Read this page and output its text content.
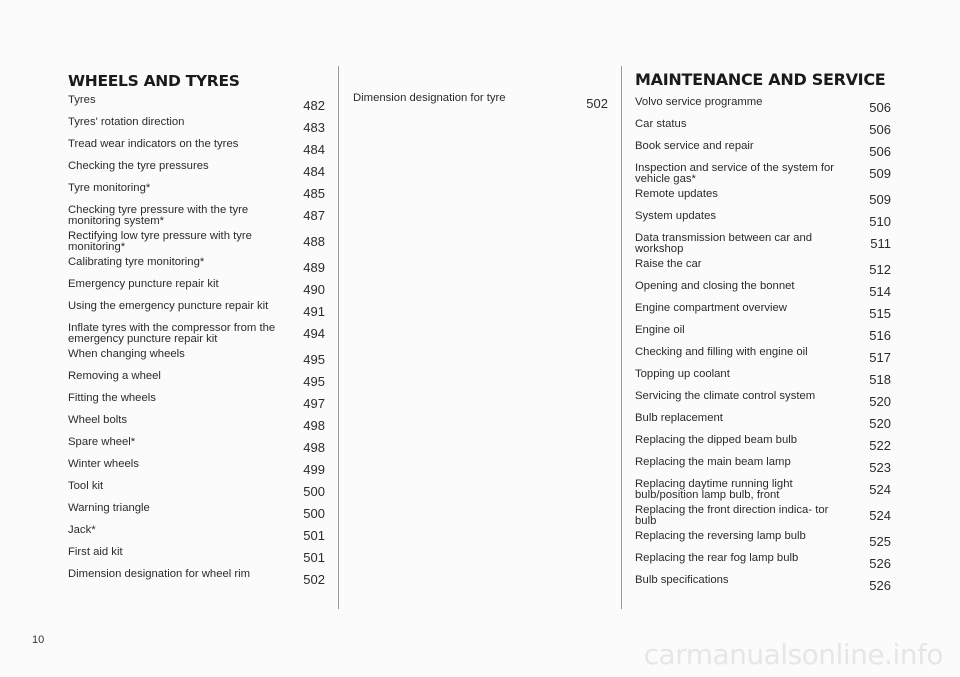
WHEELS AND TYRES
Tyres	482
Tyres' rotation direction	483
Tread wear indicators on the tyres	484
Checking the tyre pressures	484
Tyre monitoring*	485
Checking tyre pressure with the tyre monitoring system*	487
Rectifying low tyre pressure with tyre monitoring*	488
Calibrating tyre monitoring*	489
Emergency puncture repair kit	490
Using the emergency puncture repair kit	491
Inflate tyres with the compressor from the emergency puncture repair kit	494
When changing wheels	495
Removing a wheel	495
Fitting the wheels	497
Wheel bolts	498
Spare wheel*	498
Winter wheels	499
Tool kit	500
Warning triangle	500
Jack*	501
First aid kit	501
Dimension designation for wheel rim	502
Dimension designation for tyre	502
MAINTENANCE AND SERVICE
Volvo service programme	506
Car status	506
Book service and repair	506
Inspection and service of the system for vehicle gas*	509
Remote updates	509
System updates	510
Data transmission between car and workshop	511
Raise the car	512
Opening and closing the bonnet	514
Engine compartment overview	515
Engine oil	516
Checking and filling with engine oil	517
Topping up coolant	518
Servicing the climate control system	520
Bulb replacement	520
Replacing the dipped beam bulb	522
Replacing the main beam lamp	523
Replacing daytime running light bulb/position lamp bulb, front	524
Replacing the front direction indica- tor bulb	524
Replacing the reversing lamp bulb	525
Replacing the rear fog lamp bulb	526
Bulb specifications	526
10	carmanualsonline.info
